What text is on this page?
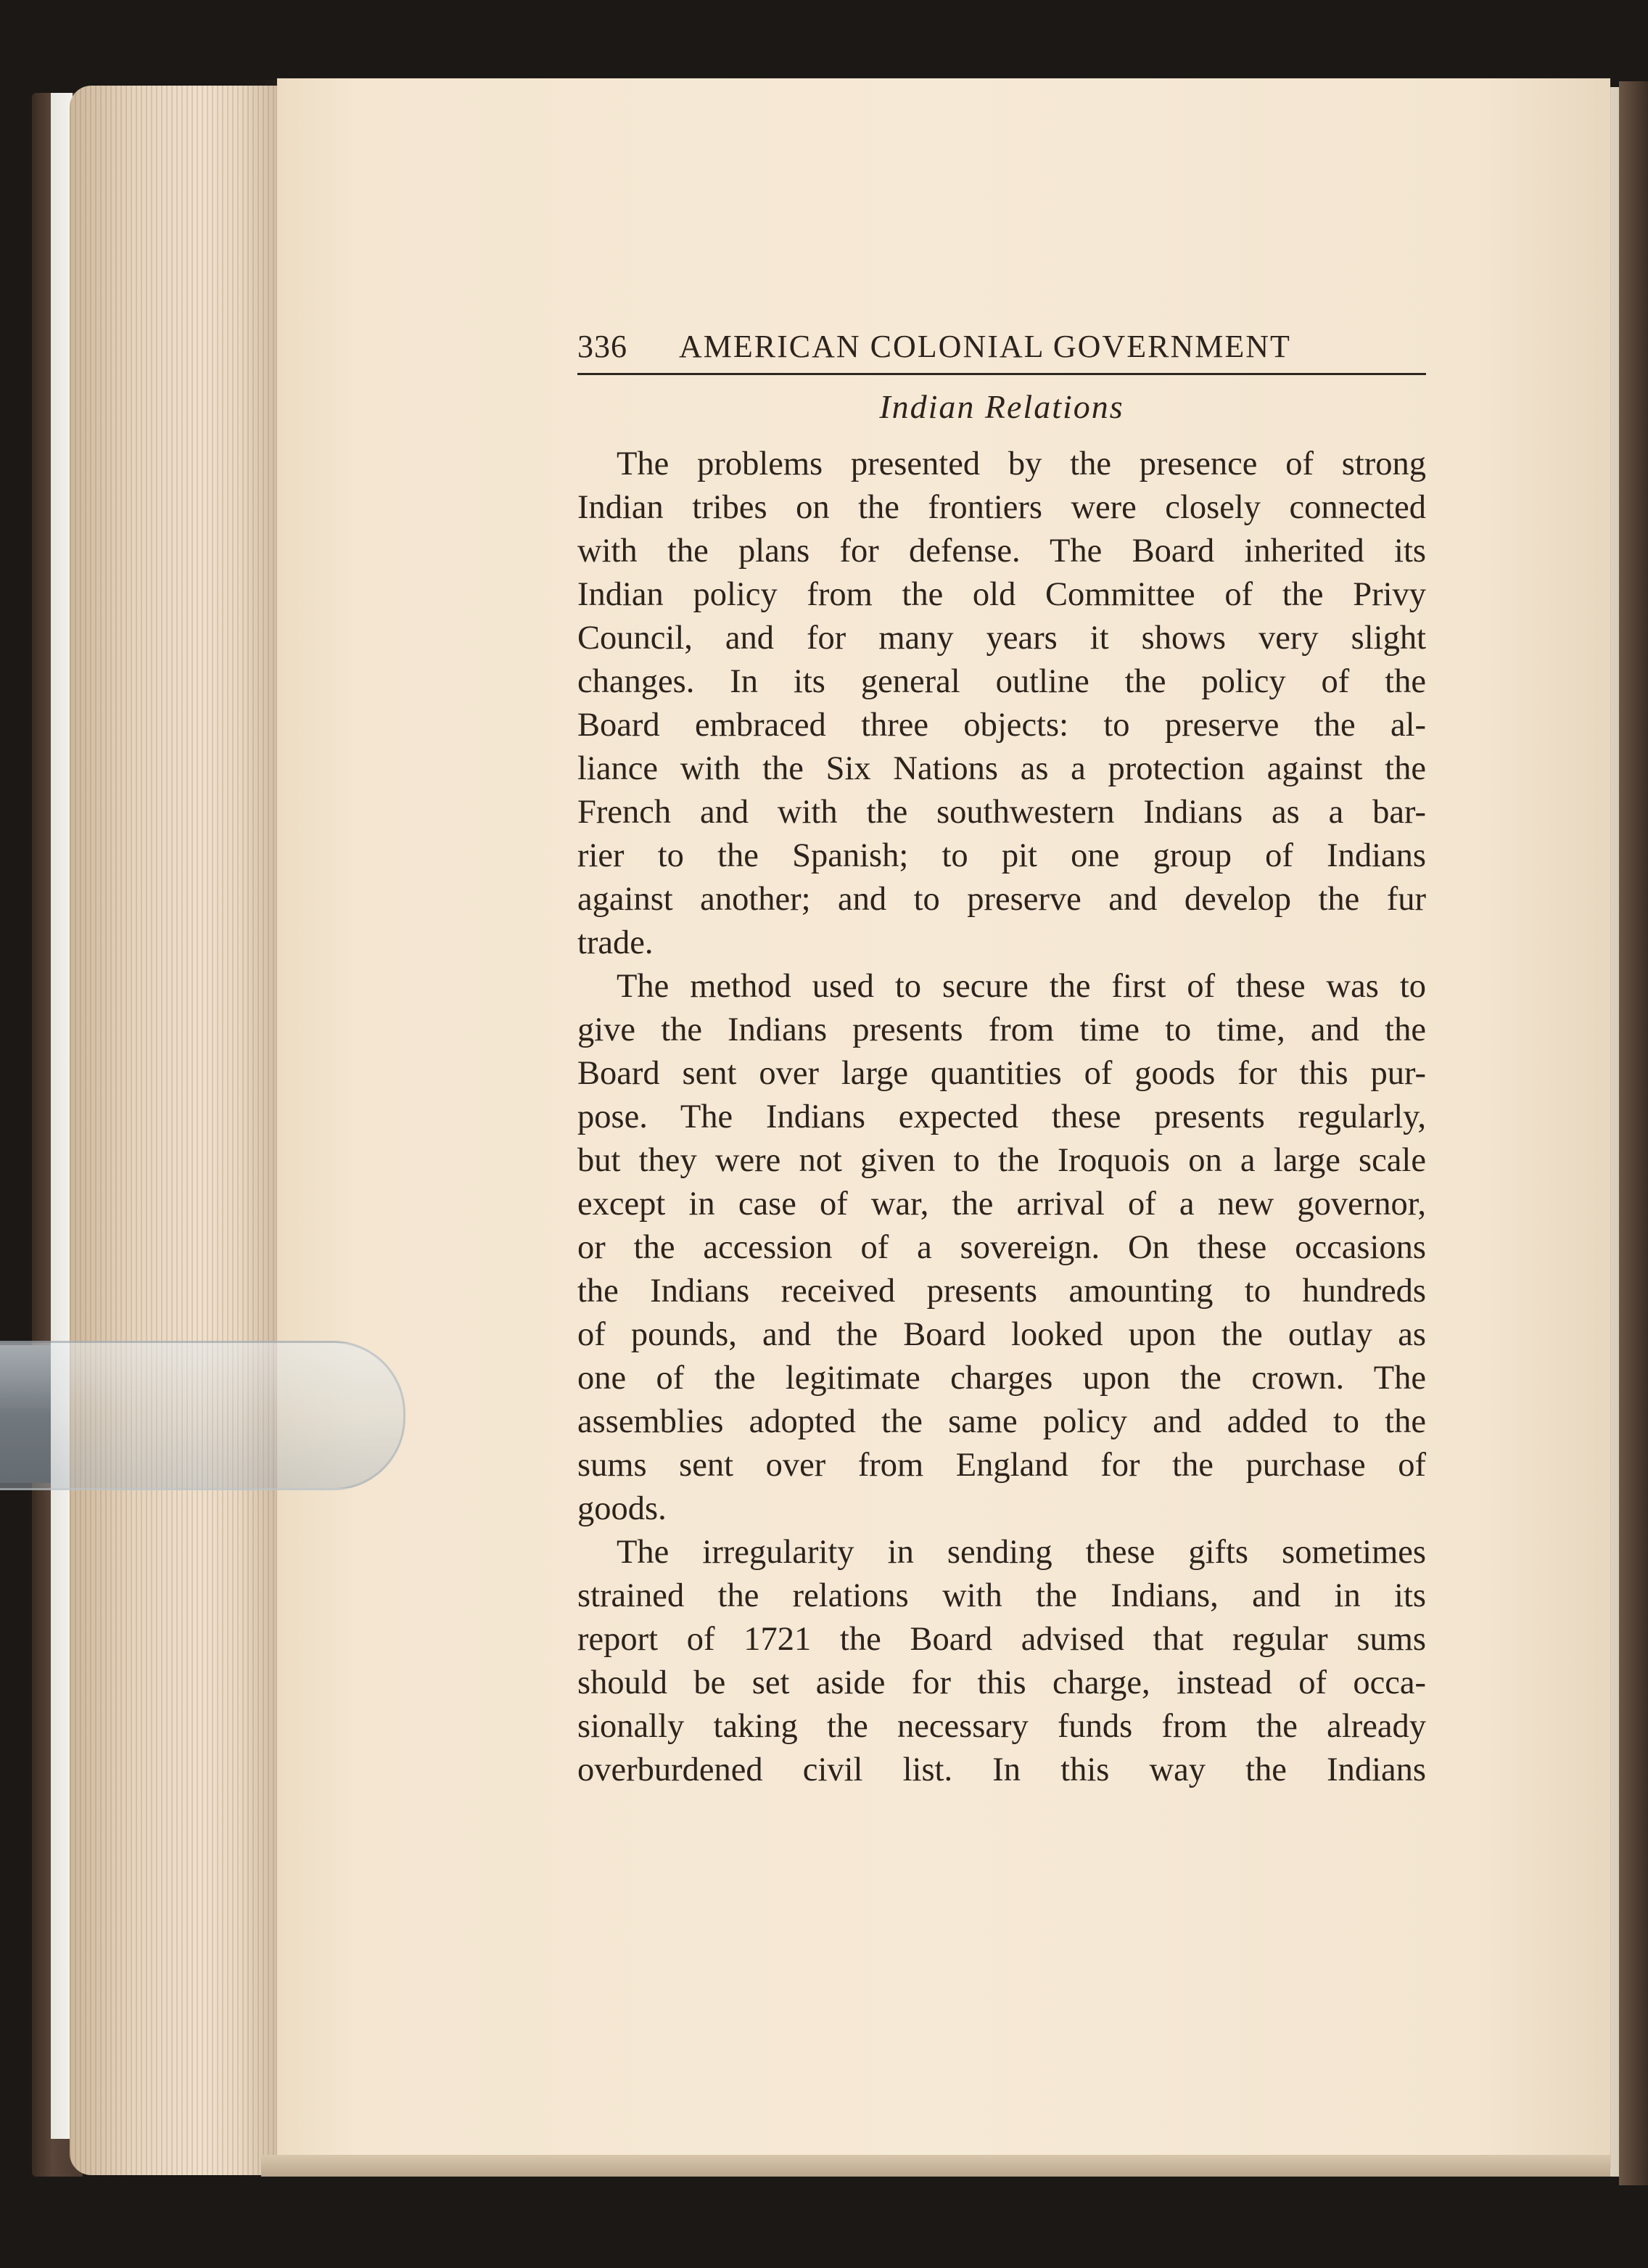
336 AMERICAN COLONIAL GOVERNMENT
Indian Relations
The problems presented by the presence of strong
Indian tribes on the frontiers were closely connected
with the plans for defense. The Board inherited its
Indian policy from the old Committee of the Privy
Council, and for many years it shows very slight
changes. In its general outline the policy of the
Board embraced three objects: to preserve the al-
liance with the Six Nations as a protection against the
French and with the southwestern Indians as a bar-
rier to the Spanish; to pit one group of Indians
against another; and to preserve and develop the fur
trade.
The method used to secure the first of these was to
give the Indians presents from time to time, and the
Board sent over large quantities of goods for this pur-
pose. The Indians expected these presents regularly,
but they were not given to the Iroquois on a large scale
except in case of war, the arrival of a new governor,
or the accession of a sovereign. On these occasions
the Indians received presents amounting to hundreds
of pounds, and the Board looked upon the outlay as
one of the legitimate charges upon the crown. The
assemblies adopted the same policy and added to the
sums sent over from England for the purchase of
goods.
The irregularity in sending these gifts sometimes
strained the relations with the Indians, and in its
report of 1721 the Board advised that regular sums
should be set aside for this charge, instead of occa-
sionally taking the necessary funds from the already
overburdened civil list. In this way the Indians
